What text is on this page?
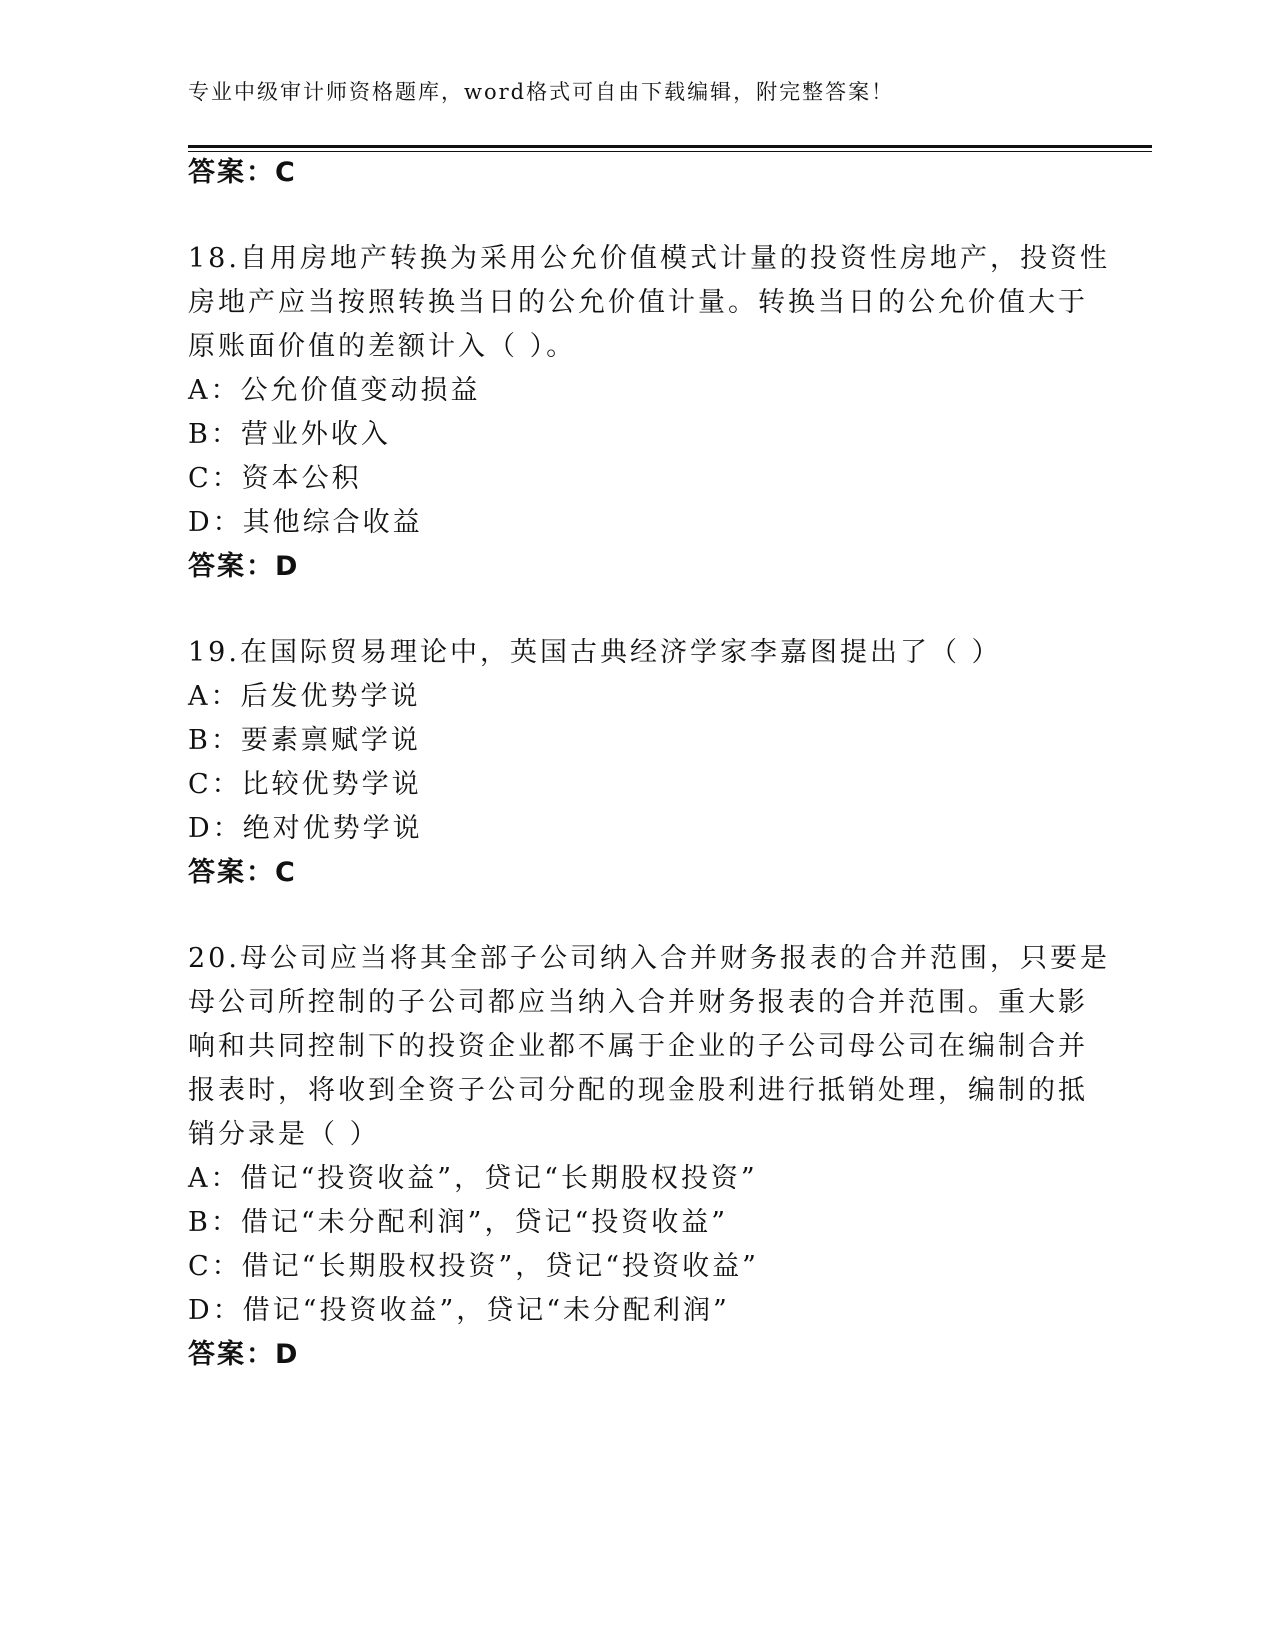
专业中级审计师资格题库，word格式可自由下载编辑，附完整答案！
答案：C
18.自用房地产转换为采用公允价值模式计量的投资性房地产，投资性
房地产应当按照转换当日的公允价值计量。转换当日的公允价值大于
原账面价值的差额计入（ ）。
A：公允价值变动损益
B：营业外收入
C：资本公积
D：其他综合收益
答案：D
19.在国际贸易理论中，英国古典经济学家李嘉图提出了（ ）
A：后发优势学说
B：要素禀赋学说
C：比较优势学说
D：绝对优势学说
答案：C
20.母公司应当将其全部子公司纳入合并财务报表的合并范围，只要是
母公司所控制的子公司都应当纳入合并财务报表的合并范围。重大影
响和共同控制下的投资企业都不属于企业的子公司母公司在编制合并
报表时，将收到全资子公司分配的现金股利进行抵销处理，编制的抵
销分录是（ ）
A：借记“投资收益”，贷记“长期股权投资”
B：借记“未分配利润”，贷记“投资收益”
C：借记“长期股权投资”，贷记“投资收益”
D：借记“投资收益”，贷记“未分配利润”
答案：D
